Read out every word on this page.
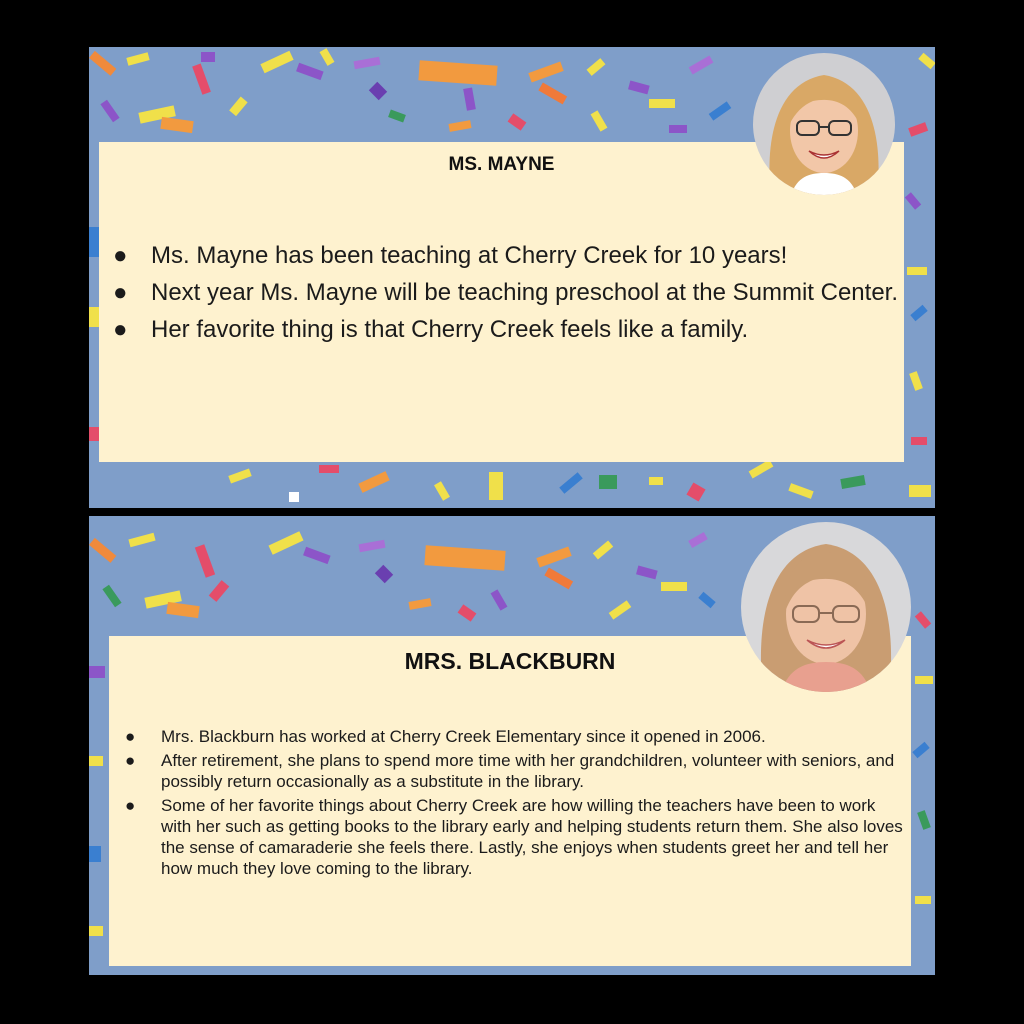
MS. MAYNE
● Ms. Mayne has been teaching at Cherry Creek for 10 years!
● Next year Ms. Mayne will be teaching preschool at the Summit Center.
● Her favorite thing is that Cherry Creek feels like a family.
MRS. BLACKBURN
● Mrs. Blackburn has worked at Cherry Creek Elementary since it opened in 2006.
● After retirement, she plans to spend more time with her grandchildren, volunteer with seniors, and possibly return occasionally as a substitute in the library.
● Some of her favorite things about Cherry Creek are how willing the teachers have been to work with her such as getting books to the library early and helping students return them. She also loves the sense of camaraderie she feels there. Lastly, she enjoys when students greet her and tell her how much they love coming to the library.
